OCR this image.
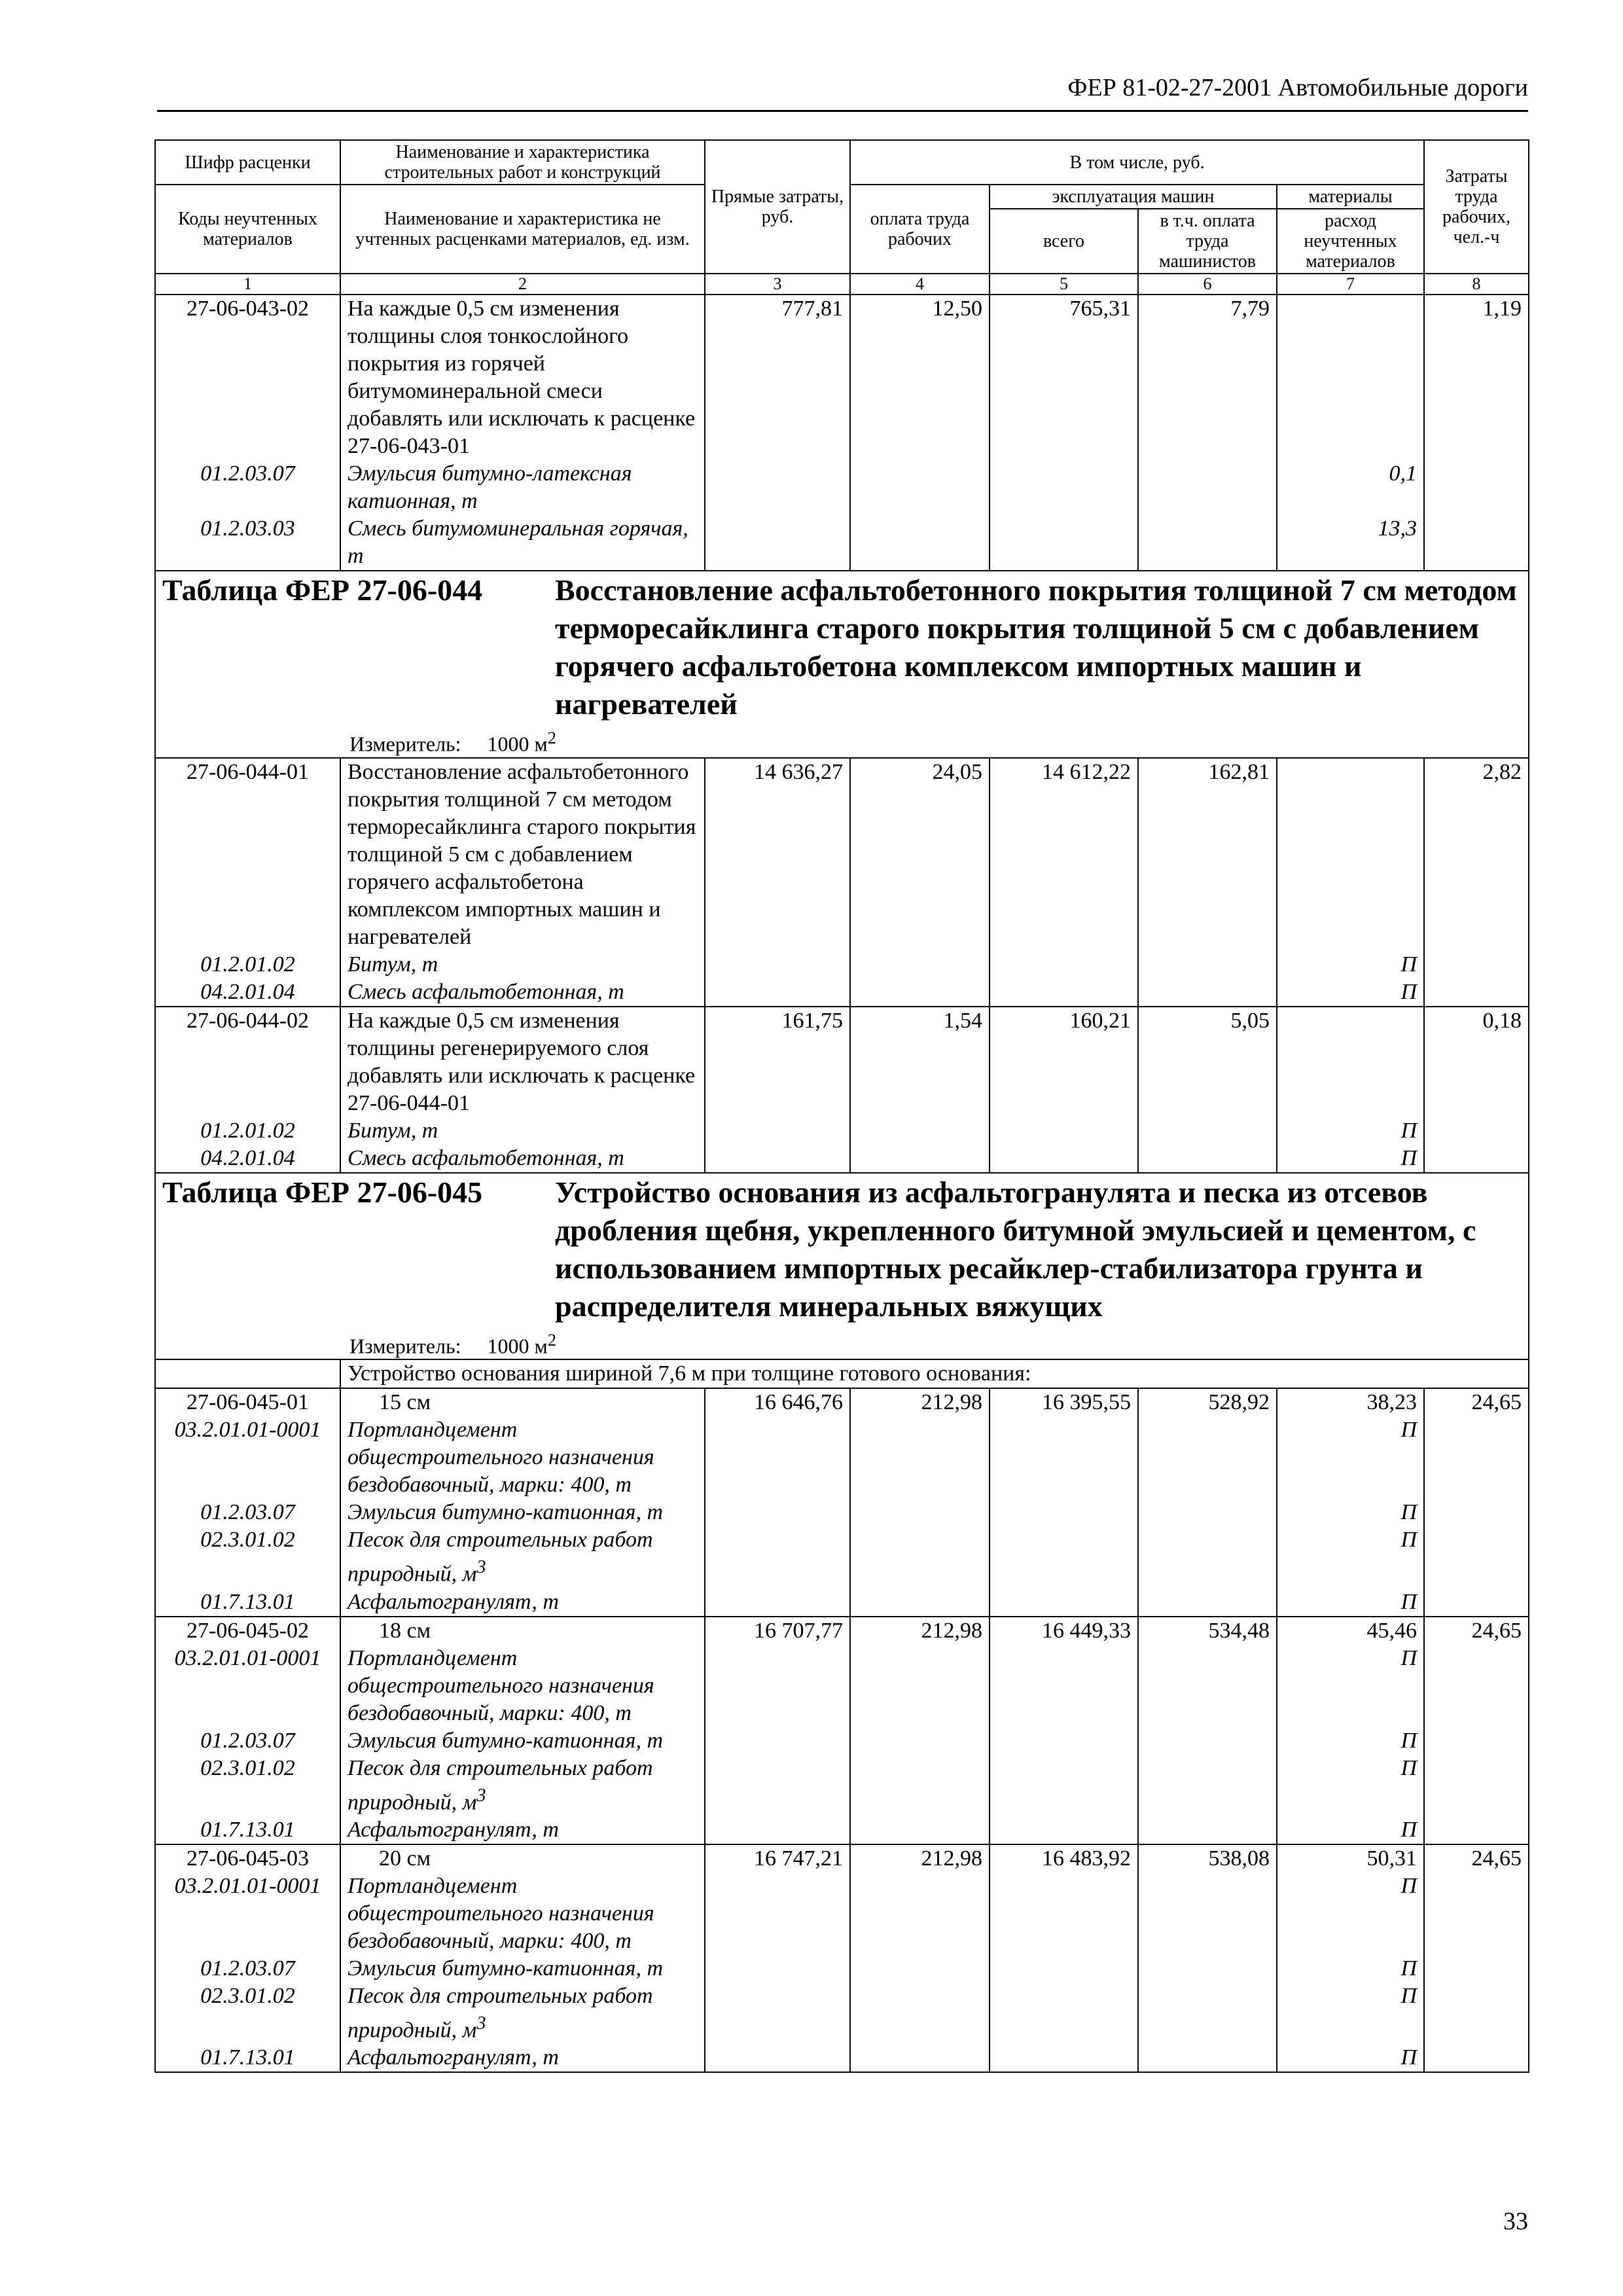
ФЕР 81-02-27-2001 Автомобильные дороги
Шифр расценки	Наименование и характеристика строительных работ и конструкций	Прямые затраты, руб.	В том числе, руб.				Затраты труда рабочих, чел.-ч
Коды неучтенных материалов	Наименование и характеристика не учтенных расценками материалов, ед. изм.		оплата труда рабочих	эксплуатация машин		материалы	
				всего	в т.ч. оплата труда машинистов	расход неучтенных материалов	
1	2	3	4	5	6	7	8
27-06-043-02	На каждые 0,5 см изменения толщины слоя тонкослойного покрытия из горячей битумоминеральной смеси добавлять или исключать к расценке 27-06-043-01	777,81	12,50	765,31	7,79		1,19
01.2.03.07	Эмульсия битумно-латексная катионная, т					0,1	
01.2.03.03	Смесь битумоминеральная горячая, т					13,3	

Таблица ФЕР 27-06-044 Восстановление асфальтобетонного покрытия толщиной 7 см методом терморесайклинга старого покрытия толщиной 5 см с добавлением горячего асфальтобетона комплексом импортных машин и нагревателей
Измеритель: 1000 $м^2$

27-06-044-01	Восстановление асфальтобетонного покрытия толщиной 7 см методом терморесайклинга старого покрытия толщиной 5 см с добавлением горячего асфальтобетона комплексом импортных машин и нагревателей	14 636,27	24,05	14 612,22	162,81		2,82
01.2.01.02	Битум, т					П	
04.2.01.04	Смесь асфальтобетонная, т					П	
27-06-044-02	На каждые 0,5 см изменения толщины регенерируемого слоя добавлять или исключать к расценке 27-06-044-01	161,75	1,54	160,21	5,05		0,18
01.2.01.02	Битум, т					П	
04.2.01.04	Смесь асфальтобетонная, т					П	

Таблица ФЕР 27-06-045 Устройство основания из асфальтогранулята и песка из отсевов дробления щебня, укрепленного битумной эмульсией и цементом, с использованием импортных ресайклер-стабилизатора грунта и распределителя минеральных вяжущих
Измеритель: 1000 $м^2$

	Устройство основания шириной 7,6 м при толщине готового основания:						
27-06-045-01	15 см	16 646,76	212,98	16 395,55	528,92	38,23	24,65
03.2.01.01-0001	Портландцемент общестроительного назначения бездобавочный, марки: 400, т					П	
01.2.03.07	Эмульсия битумно-катионная, т					П	
02.3.01.02	Песок для строительных работ природный, $м^3$					П	
01.7.13.01	Асфальтогранулят, т					П	
27-06-045-02	18 см	16 707,77	212,98	16 449,33	534,48	45,46	24,65
03.2.01.01-0001	Портландцемент общестроительного назначения бездобавочный, марки: 400, т					П	
01.2.03.07	Эмульсия битумно-катионная, т					П	
02.3.01.02	Песок для строительных работ природный, $м^3$					П	
01.7.13.01	Асфальтогранулят, т					П	
27-06-045-03	20 см	16 747,21	212,98	16 483,92	538,08	50,31	24,65
03.2.01.01-0001	Портландцемент общестроительного назначения бездобавочный, марки: 400, т					П	
01.2.03.07	Эмульсия битумно-катионная, т					П	
02.3.01.02	Песок для строительных работ природный, $м^3$					П	
01.7.13.01	Асфальтогранулят, т					П	
33
